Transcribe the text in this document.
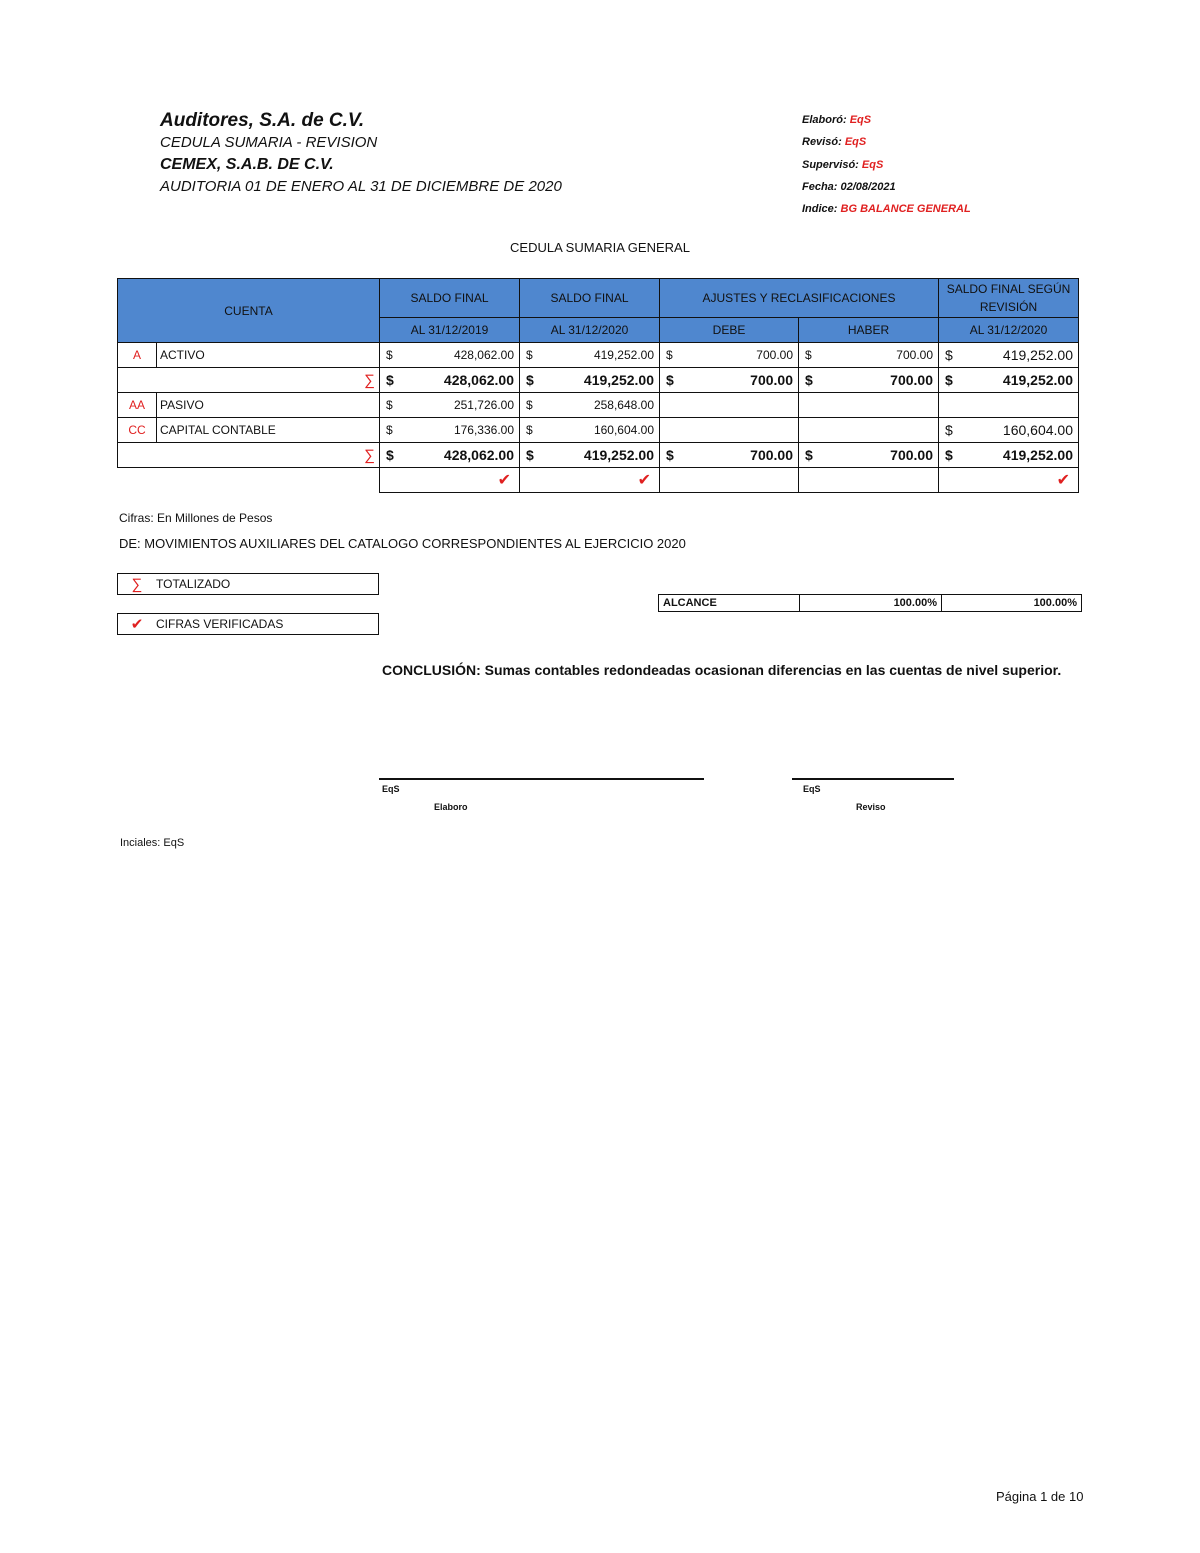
Auditores, S.A. de C.V.
CEDULA SUMARIA - REVISION
CEMEX, S.A.B. DE C.V.
AUDITORIA 01 DE ENERO AL 31 DE DICIEMBRE DE 2020
Elaboró: EqS
Revisó: EqS
Supervisó: EqS
Fecha: 02/08/2021
Indice: BG BALANCE GENERAL
CEDULA SUMARIA GENERAL
CUENTA		SALDO FINAL	SALDO FINAL	AJUSTES Y RECLASIFICACIONES		SALDO FINAL SEGÚN REVISIÓN
		AL 31/12/2019	AL 31/12/2020	DEBE	HABER	AL 31/12/2020
A	ACTIVO	$ 428,062.00	$ 419,252.00	$ 700.00	$ 700.00	$ 419,252.00

∑		$ 428,062.00	$ 419,252.00	$ 700.00	$ 700.00	$ 419,252.00

AA	PASIVO	$ 251,726.00	$ 258,648.00			

CC	CAPITAL CONTABLE	$ 176,336.00	$ 160,604.00			$ 160,604.00

∑		$ 428,062.00	$ 419,252.00	$ 700.00	$ 700.00	$ 419,252.00

		✔	✔			✔
Cifras: En Millones de Pesos
DE: MOVIMIENTOS AUXILIARES DEL CATALOGO CORRESPONDIENTES AL EJERCICIO 2020
∑	TOTALIZADO
✔	CIFRAS VERIFICADAS
ALCANCE	100.00%	100.00%
CONCLUSIÓN: Sumas contables redondeadas ocasionan diferencias en las cuentas de nivel superior.
EqS
Elaboro
EqS
Reviso
Inciales: EqS
Página 1 de 10
